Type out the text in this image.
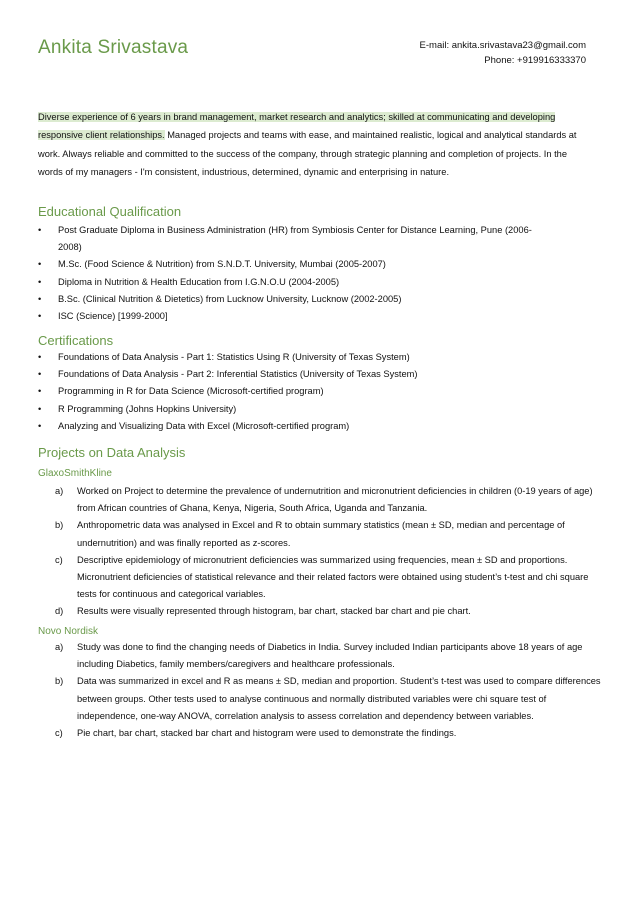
Ankita Srivastava	E-mail: ankita.srivastava23@gmail.com
Phone: +919916333370
Diverse experience of 6 years in brand management, market research and analytics; skilled at communicating and developing responsive client relationships. Managed projects and teams with ease, and maintained realistic, logical and analytical standards at work. Always reliable and committed to the success of the company, through strategic planning and completion of projects. In the words of my managers - I'm consistent, industrious, determined, dynamic and enterprising in nature.
Educational Qualification
• Post Graduate Diploma in Business Administration (HR) from Symbiosis Center for Distance Learning, Pune (2006-2008)
• M.Sc. (Food Science & Nutrition) from S.N.D.T. University, Mumbai (2005-2007)
• Diploma in Nutrition & Health Education from I.G.N.O.U (2004-2005)
• B.Sc. (Clinical Nutrition & Dietetics) from Lucknow University, Lucknow (2002-2005)
• ISC (Science) [1999-2000]
Certifications
• Foundations of Data Analysis - Part 1: Statistics Using R (University of Texas System)
• Foundations of Data Analysis - Part 2: Inferential Statistics (University of Texas System)
• Programming in R for Data Science (Microsoft-certified program)
• R Programming (Johns Hopkins University)
• Analyzing and Visualizing Data with Excel (Microsoft-certified program)
Projects on Data Analysis
GlaxoSmithKline
a) Worked on Project to determine the prevalence of undernutrition and micronutrient deficiencies in children (0-19 years of age) from African countries of Ghana, Kenya, Nigeria, South Africa, Uganda and Tanzania.
b) Anthropometric data was analysed in Excel and R to obtain summary statistics (mean ± SD, median and percentage of undernutrition) and was finally reported as z-scores.
c) Descriptive epidemiology of micronutrient deficiencies was summarized using frequencies, mean ± SD and proportions. Micronutrient deficiencies of statistical relevance and their related factors were obtained using student’s t-test and chi square tests for continuous and categorical variables.
d) Results were visually represented through histogram, bar chart, stacked bar chart and pie chart.
Novo Nordisk
a) Study was done to find the changing needs of Diabetics in India. Survey included Indian participants above 18 years of age including Diabetics, family members/caregivers and healthcare professionals.
b) Data was summarized in excel and R as means ± SD, median and proportion. Student’s t-test was used to compare differences between groups. Other tests used to analyse continuous and normally distributed variables were chi square test of independence, one-way ANOVA, correlation analysis to assess correlation and dependency between variables.
c) Pie chart, bar chart, stacked bar chart and histogram were used to demonstrate the findings.
